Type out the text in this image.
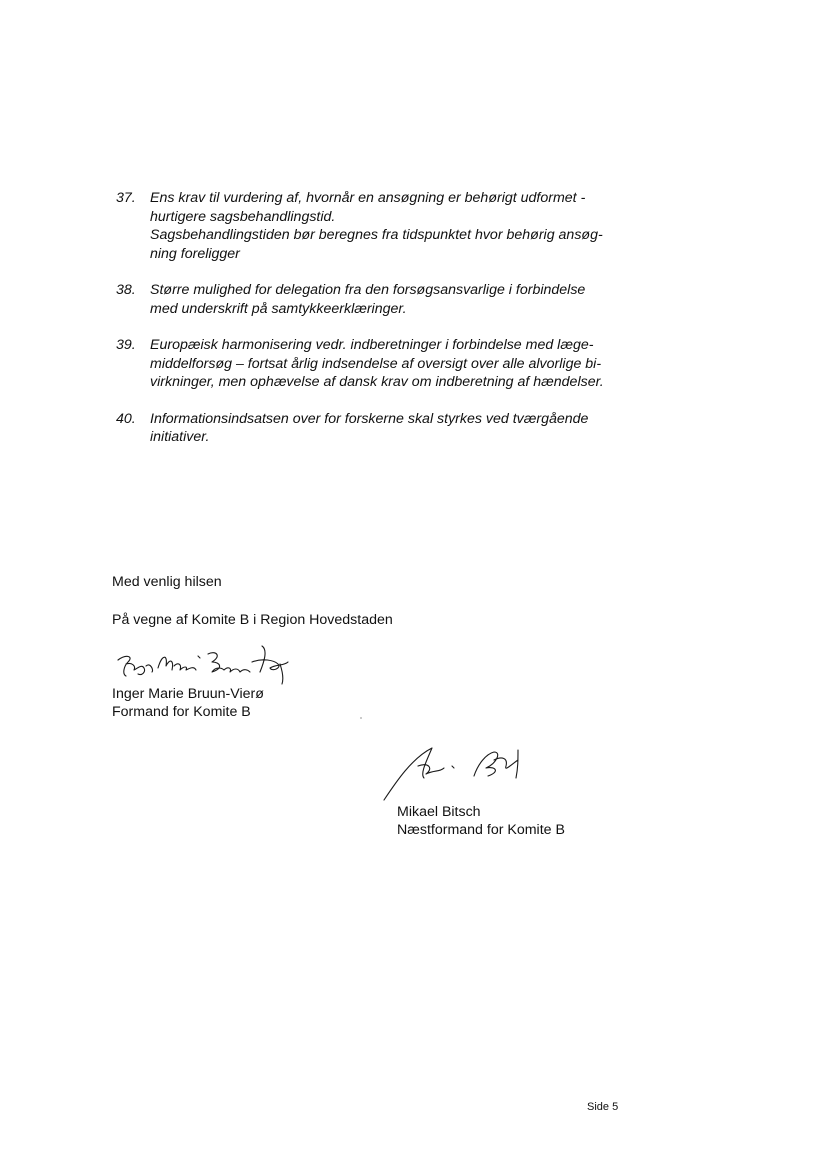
37.	Ens krav til vurdering af, hvornår en ansøgning er behørigt udformet -
hurtigere sagsbehandlingstid.
Sagsbehandlingstiden bør beregnes fra tidspunktet hvor behørig ansøg-
ning foreligger
38.	Større mulighed for delegation fra den forsøgsansvarlige i forbindelse
med underskrift på samtykkeerklæringer.
39.	Europæisk harmonisering vedr. indberetninger i forbindelse med læge-
middelforsøg – fortsat årlig indsendelse af oversigt over alle alvorlige bi-
virkninger, men ophævelse af dansk krav om indberetning af hændelser.
40.	Informationsindsatsen over for forskerne skal styrkes ved tværgående
initiativer.
Med venlig hilsen
På vegne af Komite B i Region Hovedstaden
Inger Marie Bruun-Vierø
Formand for Komite B
Mikael Bitsch
Næstformand for Komite B
Side 5
